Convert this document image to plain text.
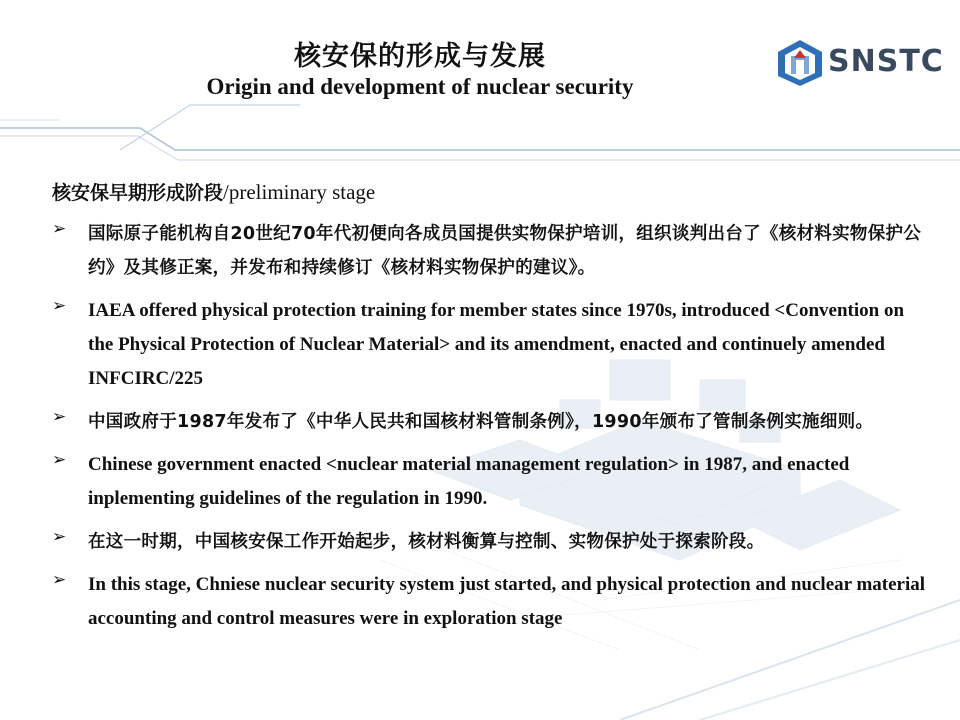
核安保的形成与发展
Origin and development of nuclear security
SNSTC
核安保早期形成阶段/preliminary stage
➢ 国际原子能机构自20世纪70年代初便向各成员国提供实物保护培训，组织谈判出台了《核材料实物保护公约》及其修正案，并发布和持续修订《核材料实物保护的建议》。
➢ IAEA offered physical protection training for member states since 1970s, introduced <Convention on the Physical Protection of Nuclear Material> and its amendment, enacted and continuely amended INFCIRC/225
➢ 中国政府于1987年发布了《中华人民共和国核材料管制条例》，1990年颁布了管制条例实施细则。
➢ Chinese government enacted <nuclear material management regulation> in 1987, and enacted inplementing guidelines of the regulation in 1990.
➢ 在这一时期，中国核安保工作开始起步，核材料衡算与控制、实物保护处于探索阶段。
➢ In this stage, Chniese nuclear security system just started, and physical protection and nuclear material accounting and control measures were in exploration stage
